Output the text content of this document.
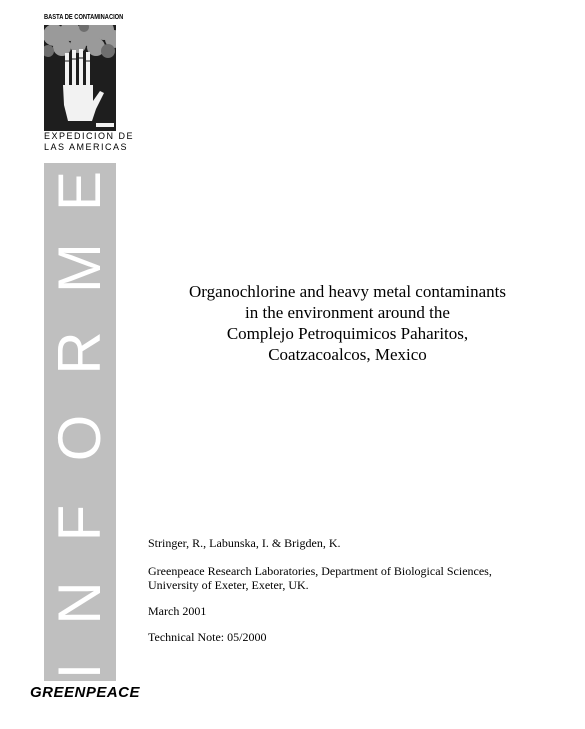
BASTA DE CONTAMINACION
EXPEDICION DE
LAS AMERICAS
E
M
R
O
F
N
I
Organochlorine and heavy metal contaminants
in the environment around the
Complejo Petroquimicos Paharitos,
Coatzacoalcos, Mexico
Stringer, R., Labunska, I. & Brigden, K.
Greenpeace Research Laboratories, Department of Biological Sciences,
University of Exeter, Exeter, UK.
March 2001
Technical Note: 05/2000
GREENPEACE
